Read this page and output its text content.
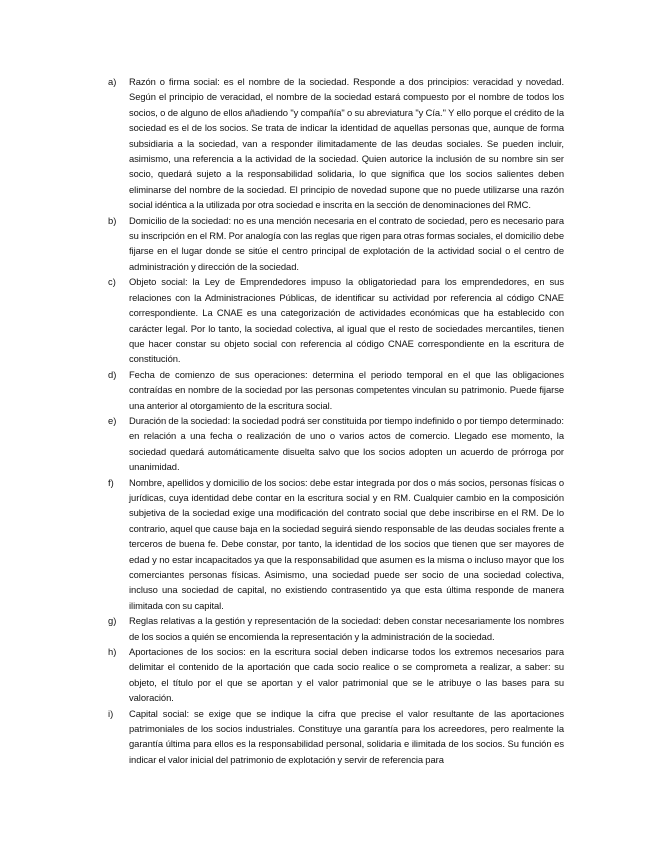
a)	Razón o firma social: es el nombre de la sociedad. Responde a dos principios: veracidad y novedad. Según el principio de veracidad, el nombre de la sociedad estará compuesto por el nombre de todos los socios, o de alguno de ellos añadiendo "y compañía" o su abreviatura "y Cía." Y ello porque el crédito de la sociedad es el de los socios. Se trata de indicar la identidad de aquellas personas que, aunque de forma subsidiaria a la sociedad, van a responder ilimitadamente de las deudas sociales. Se pueden incluir, asimismo, una referencia a la actividad de la sociedad. Quien autorice la inclusión de su nombre sin ser socio, quedará sujeto a la responsabilidad solidaria, lo que significa que los socios salientes deben eliminarse del nombre de la sociedad. El principio de novedad supone que no puede utilizarse una razón social idéntica a la utilizada por otra sociedad e inscrita en la sección de denominaciones del RMC.
b)	Domicilio de la sociedad: no es una mención necesaria en el contrato de sociedad, pero es necesario para su inscripción en el RM. Por analogía con las reglas que rigen para otras formas sociales, el domicilio debe fijarse en el lugar donde se sitúe el centro principal de explotación de la actividad social o el centro de administración y dirección de la sociedad.
c)	Objeto social: la Ley de Emprendedores impuso la obligatoriedad para los emprendedores, en sus relaciones con la Administraciones Públicas, de identificar su actividad por referencia al código CNAE correspondiente. La CNAE es una categorización de actividades económicas que ha establecido con carácter legal. Por lo tanto, la sociedad colectiva, al igual que el resto de sociedades mercantiles, tienen que hacer constar su objeto social con referencia al código CNAE correspondiente en la escritura de constitución.
d)	Fecha de comienzo de sus operaciones: determina el periodo temporal en el que las obligaciones contraídas en nombre de la sociedad por las personas competentes vinculan su patrimonio. Puede fijarse una anterior al otorgamiento de la escritura social.
e)	Duración de la sociedad: la sociedad podrá ser constituida por tiempo indefinido o por tiempo determinado: en relación a una fecha o realización de uno o varios actos de comercio. Llegado ese momento, la sociedad quedará automáticamente disuelta salvo que los socios adopten un acuerdo de prórroga por unanimidad.
f)	Nombre, apellidos y domicilio de los socios: debe estar integrada por dos o más socios, personas físicas o jurídicas, cuya identidad debe contar en la escritura social y en RM. Cualquier cambio en la composición subjetiva de la sociedad exige una modificación del contrato social que debe inscribirse en el RM. De lo contrario, aquel que cause baja en la sociedad seguirá siendo responsable de las deudas sociales frente a terceros de buena fe. Debe constar, por tanto, la identidad de los socios que tienen que ser mayores de edad y no estar incapacitados ya que la responsabilidad que asumen es la misma o incluso mayor que los comerciantes personas físicas. Asimismo, una sociedad puede ser socio de una sociedad colectiva, incluso una sociedad de capital, no existiendo contrasentido ya que esta última responde de manera ilimitada con su capital.
g)	Reglas relativas a la gestión y representación de la sociedad: deben constar necesariamente los nombres de los socios a quién se encomienda la representación y la administración de la sociedad.
h)	Aportaciones de los socios: en la escritura social deben indicarse todos los extremos necesarios para delimitar el contenido de la aportación que cada socio realice o se comprometa a realizar, a saber: su objeto, el título por el que se aportan y el valor patrimonial que se le atribuye o las bases para su valoración.
i)	Capital social: se exige que se indique la cifra que precise el valor resultante de las aportaciones patrimoniales de los socios industriales. Constituye una garantía para los acreedores, pero realmente la garantía última para ellos es la responsabilidad personal, solidaria e ilimitada de los socios. Su función es indicar el valor inicial del patrimonio de explotación y servir de referencia para
